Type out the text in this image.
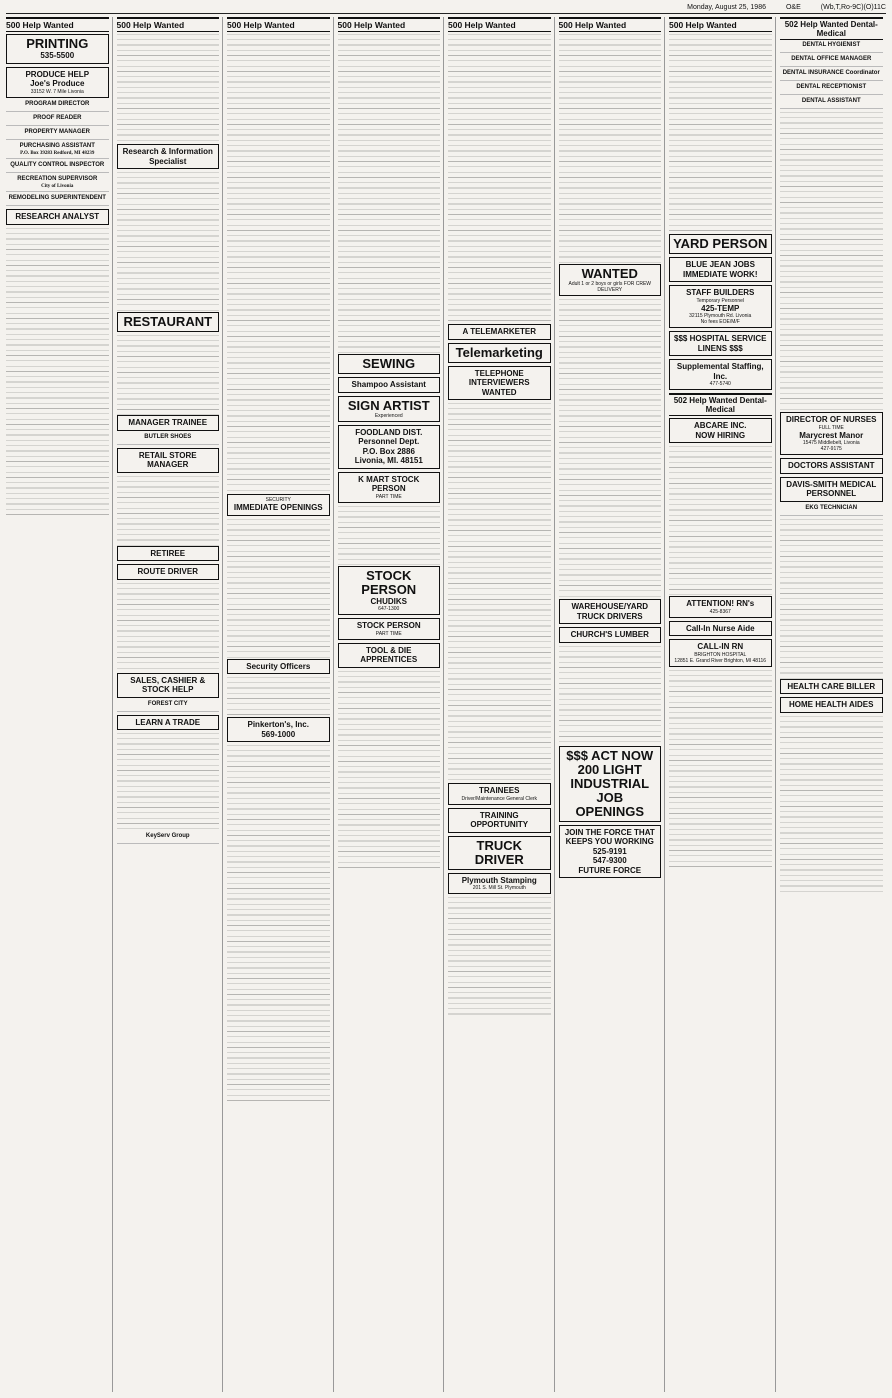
Monday, August 25, 1986	O&E	(Wb,T,Ro-9C)(O)11C
500 Help Wanted
PRINTING
535-5500
PRODUCE HELP
Joe's Produce
33152 W. 7 Mile Livonia
PROGRAM DIRECTOR
PROOF READER
PROPERTY MANAGER
PURCHASING ASSISTANT
P.O. Box 39283 Redford, MI 48239
QUALITY CONTROL INSPECTOR
RECREATION SUPERVISOR
City of Livonia
REMODELING SUPERINTENDENT
RESEARCH ANALYST
500 Help Wanted
Research & Information Specialist
RESTAURANT
MANAGER TRAINEE
BUTLER SHOES
RETAIL STORE MANAGER
RETIREE
ROUTE DRIVER
SALES, CASHIER & STOCK HELP
FOREST CITY
LEARN A TRADE
KeyServ Group
500 Help Wanted
SECURITY
IMMEDIATE OPENINGS
Security Officers
Pinkerton's, Inc.
569-1000
500 Help Wanted
SEWING
Shampoo Assistant
SIGN ARTIST
Experienced
FOODLAND DIST.
Personnel Dept.
P.O. Box 2886
Livonia, MI. 48151
K MART STOCK PERSON
PART TIME
STOCK PERSON
CHUDIKS
647-1300
STOCK PERSON
PART TIME
TOOL & DIE APPRENTICES
500 Help Wanted
A TELEMARKETER
Telemarketing
TELEPHONE INTERVIEWERS WANTED
TRAINEES
Driver/Maintenance General Clerk
TRAINING OPPORTUNITY
TRUCK DRIVER
Plymouth Stamping
201 S. Mill St. Plymouth
500 Help Wanted
WANTED
Adult 1 or 2 boys or girls FOR CREW DELIVERY
WAREHOUSE/YARD TRUCK DRIVERS
CHURCH'S LUMBER
$$$ ACT NOW 200 LIGHT INDUSTRIAL JOB OPENINGS
JOIN THE FORCE THAT KEEPS YOU WORKING
525-9191
547-9300
FUTURE FORCE
500 Help Wanted
YARD PERSON
BLUE JEAN JOBS IMMEDIATE WORK!
STAFF BUILDERS
Temporary Personnel
425-TEMP
32115 Plymouth Rd. Livonia
No fees EOE/M/F
$$$ HOSPITAL SERVICE LINENS $$$
Supplemental Staffing, Inc.
477-5740
502 Help Wanted Dental-Medical
ABCARE INC.
NOW HIRING
ATTENTION! RN's
425-8367
Call-In Nurse Aide
CALL-IN RN
BRIGHTON HOSPITAL
12851 E. Grand River Brighton, MI 48116
502 Help Wanted Dental-Medical
DENTAL HYGIENIST
DENTAL OFFICE MANAGER
DENTAL INSURANCE Coordinator
DENTAL RECEPTIONIST
DENTAL ASSISTANT
DIRECTOR OF NURSES
FULL TIME
Marycrest Manor
15475 Middlebelt, Livonia
427-9175
DOCTORS ASSISTANT
DAVIS-SMITH MEDICAL PERSONNEL
EKG TECHNICIAN
HEALTH CARE BILLER
HOME HEALTH AIDES
